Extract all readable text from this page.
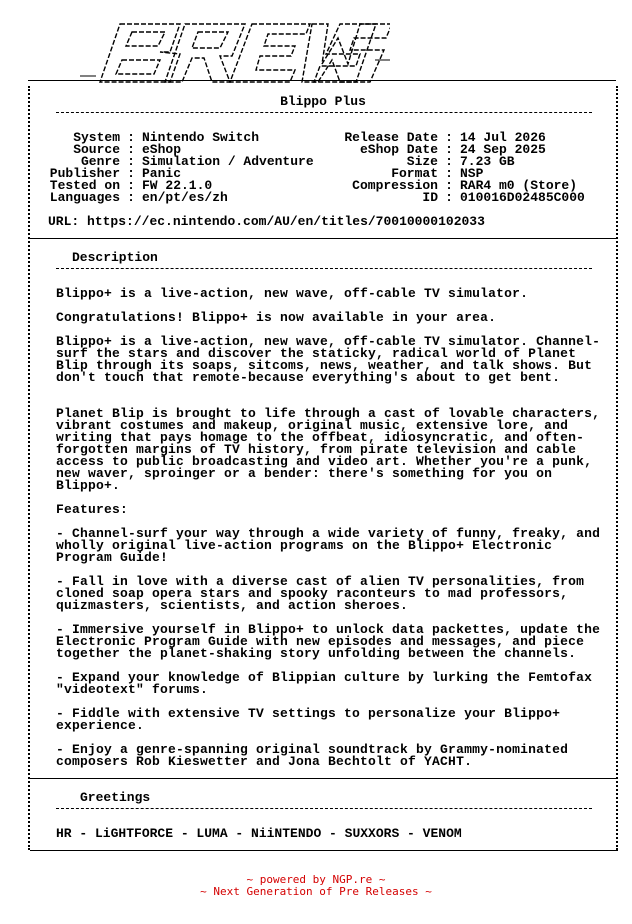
Blippo Plus
System : Nintendo Switch
Source : eShop
Genre : Simulation / Adventure
Publisher : Panic
Tested on : FW 22.1.0
Languages : en/pt/es/zh
Release Date : 14 Jul 2026
eShop Date : 24 Sep 2025
Size : 7.23 GB
Format : NSP
Compression : RAR4 m0 (Store)
ID : 010016D02485C000
URL: https://ec.nintendo.com/AU/en/titles/70010000102033
Description
Blippo+ is a live-action, new wave, off-cable TV simulator.
Congratulations! Blippo+ is now available in your area.
Blippo+ is a live-action, new wave, off-cable TV simulator. Channel-surf the stars and discover the staticky, radical world of Planet Blip through its soaps, sitcoms, news, weather, and talk shows. But don't touch that remote-because everything's about to get bent.
Planet Blip is brought to life through a cast of lovable characters, vibrant costumes and makeup, original music, extensive lore, and writing that pays homage to the offbeat, idiosyncratic, and often-forgotten margins of TV history, from pirate television and cable access to public broadcasting and video art. Whether you're a punk, new waver, sproinger or a bender: there's something for you on Blippo+.
Features:
- Channel-surf your way through a wide variety of funny, freaky, and wholly original live-action programs on the Blippo+ Electronic Program Guide!
- Fall in love with a diverse cast of alien TV personalities, from cloned soap opera stars and spooky raconteurs to mad professors, quizmasters, scientists, and action sheroes.
- Immersive yourself in Blippo+ to unlock data packettes, update the Electronic Program Guide with new episodes and messages, and piece together the planet-shaking story unfolding between the channels.
- Expand your knowledge of Blippian culture by lurking the Femtofax "videotext" forums.
- Fiddle with extensive TV settings to personalize your Blippo+ experience.
- Enjoy a genre-spanning original soundtrack by Grammy-nominated composers Rob Kieswetter and Jona Bechtolt of YACHT.
Greetings
HR - LiGHTFORCE - LUMA - NiiNTENDO - SUXXORS - VENOM
~ powered by NGP.re ~
~ Next Generation of Pre Releases ~
